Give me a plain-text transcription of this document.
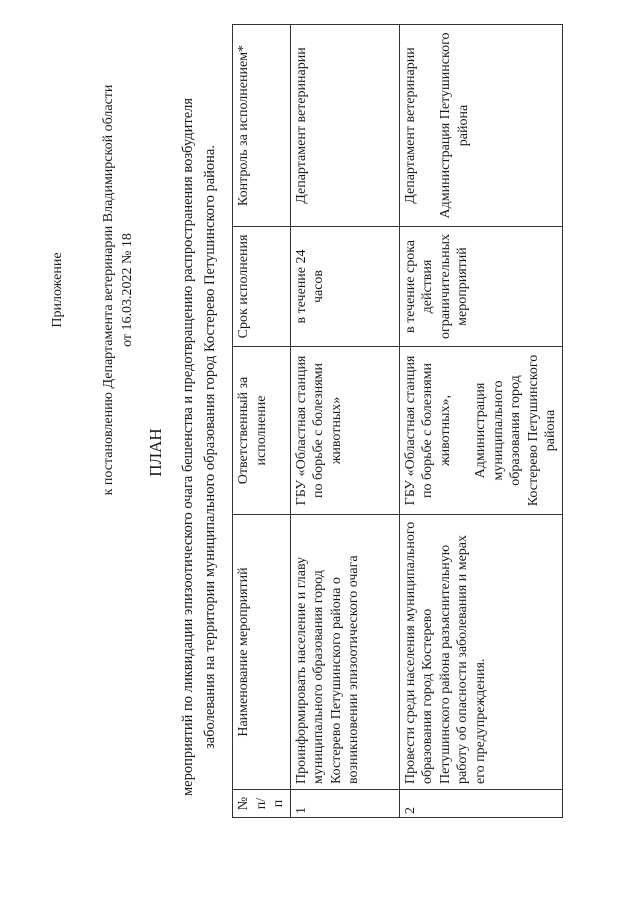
Приложение	к постановлению Департамента ветеринарии Владимирской области от 16.03.2022 № 18
ПЛАН мероприятий по ликвидации эпизоотического очага бешенства и предотвращению распространения возбудителя заболевания на территории муниципального образования город Костерево Петушинского района.
№ п/п	Наименование мероприятий	Ответственный за исполнение	Срок исполнения	Контроль за исполнением*
1	Проинформировать население и главу муниципального образования город Костерево Петушинского района о возникновении эпизоотического очага	ГБУ «Областная станция по борьбе с болезнями животных»	в течение 24 часов	Департамент ветеринарии
2	Провести среди населения муниципального образования город Костерево Петушинского района разъяснительную работу об опасности заболевания и мерах его предупреждения.	ГБУ «Областная станция по борьбе с болезнями животных», Администрация муниципального образования город Костерево Петушинского района	в течение срока действия ограничительных мероприятий	Департамент ветеринарии Администрация Петушинского района
